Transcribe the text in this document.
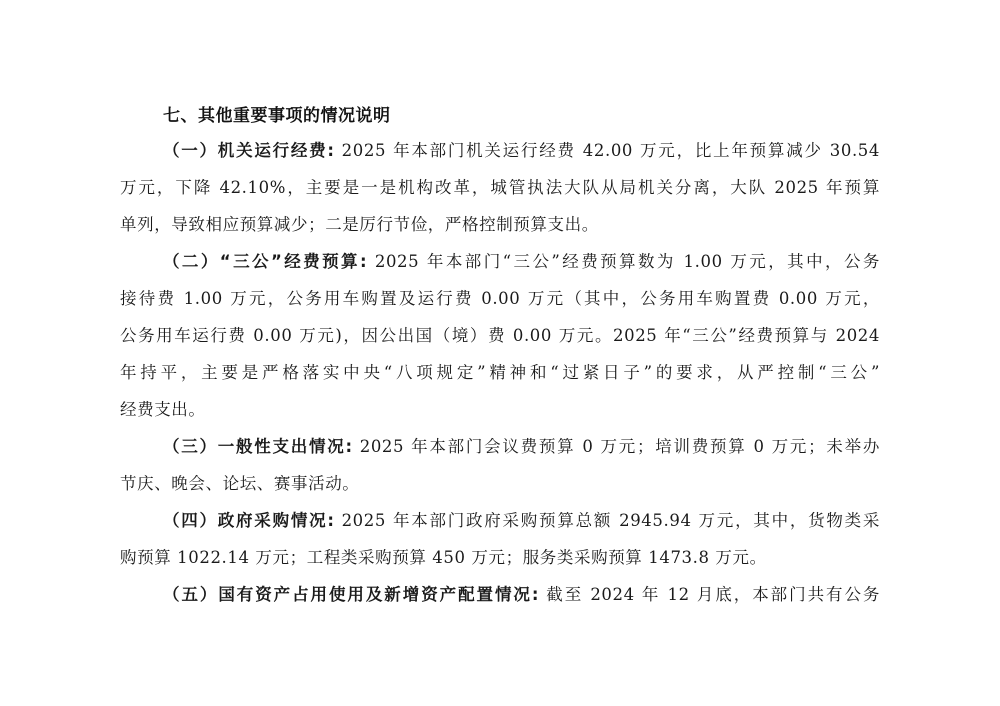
七、其他重要事项的情况说明
（一）机关运行经费: 2025 年本部门机关运行经费 42.00 万元，比上年预算减少 30.54
万元，下降 42.10%，主要是一是机构改革，城管执法大队从局机关分离，大队 2025 年预算
单列，导致相应预算减少；二是厉行节俭，严格控制预算支出。
（二）“三公”经费预算: 2025 年本部门“三公”经费预算数为 1.00 万元，其中，公务
接待费 1.00 万元，公务用车购置及运行费 0.00 万元（其中，公务用车购置费 0.00 万元，
公务用车运行费 0.00 万元)，因公出国（境）费 0.00 万元。2025 年“三公”经费预算与 2024
年持平，主要是严格落实中央“八项规定”精神和“过紧日子”的要求，从严控制“三公”
经费支出。
（三）一般性支出情况: 2025 年本部门会议费预算 0 万元；培训费预算 0 万元；未举办
节庆、晚会、论坛、赛事活动。
（四）政府采购情况: 2025 年本部门政府采购预算总额 2945.94 万元，其中，货物类采
购预算 1022.14 万元；工程类采购预算 450 万元；服务类采购预算 1473.8 万元。
（五）国有资产占用使用及新增资产配置情况: 截至 2024 年 12 月底，本部门共有公务
